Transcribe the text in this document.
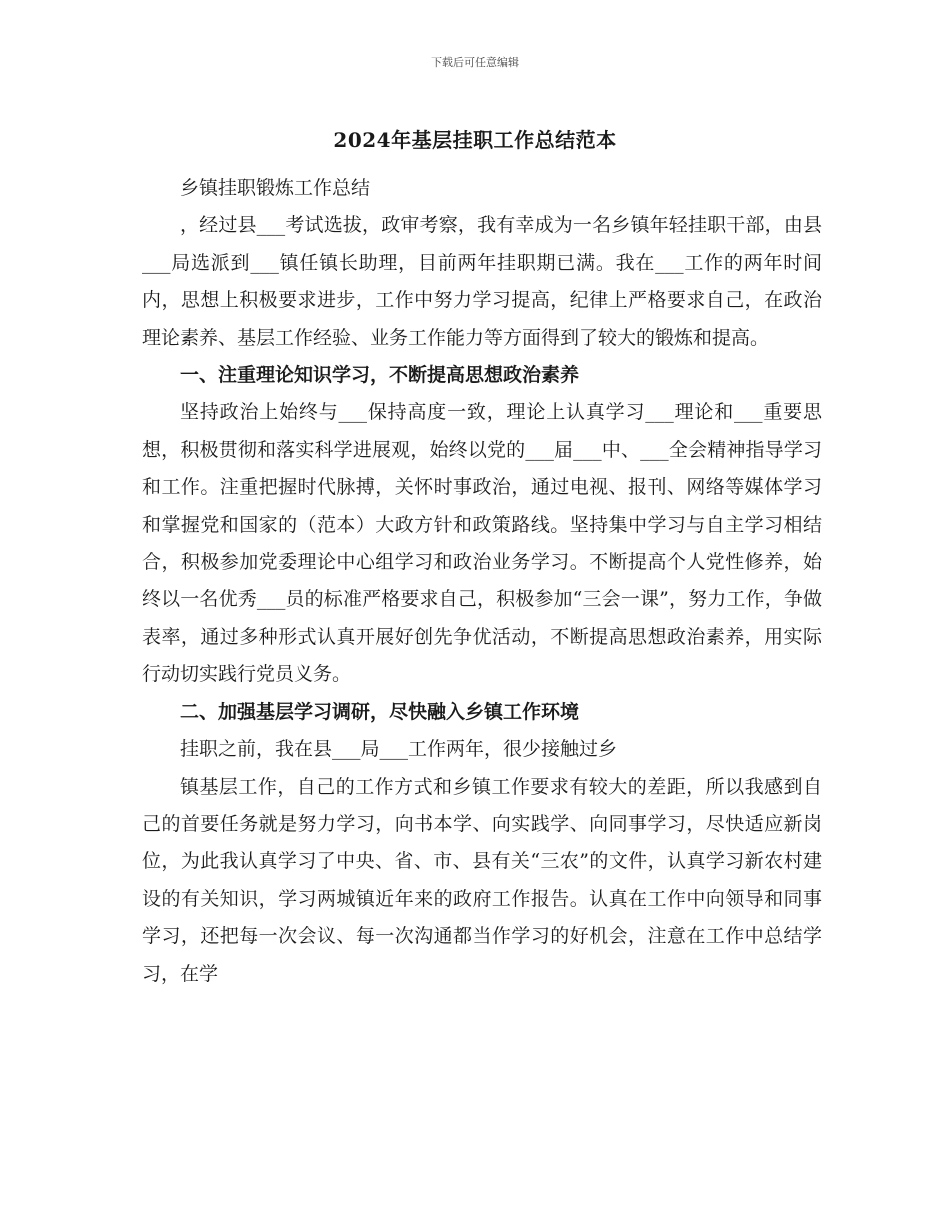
下载后可任意编辑
2024年基层挂职工作总结范本

乡镇挂职锻炼工作总结

，经过县___考试选拔，政审考察，我有幸成为一名乡镇年轻挂职干部，由县___局选派到___镇任镇长助理，目前两年挂职期已满。我在___工作的两年时间内，思想上积极要求进步，工作中努力学习提高，纪律上严格要求自己，在政治理论素养、基层工作经验、业务工作能力等方面得到了较大的锻炼和提高。

一、注重理论知识学习，不断提高思想政治素养

坚持政治上始终与___保持高度一致，理论上认真学习___理论和___重要思想，积极贯彻和落实科学进展观，始终以党的___届___中、___全会精神指导学习和工作。注重把握时代脉搏，关怀时事政治，通过电视、报刊、网络等媒体学习和掌握党和国家的（范本）大政方针和政策路线。坚持集中学习与自主学习相结合，积极参加党委理论中心组学习和政治业务学习。不断提高个人党性修养，始终以一名优秀___员的标准严格要求自己，积极参加“三会一课”，努力工作，争做表率，通过多种形式认真开展好创先争优活动，不断提高思想政治素养，用实际行动切实践行党员义务。

二、加强基层学习调研，尽快融入乡镇工作环境

挂职之前，我在县___局___工作两年，很少接触过乡

镇基层工作，自己的工作方式和乡镇工作要求有较大的差距，所以我感到自己的首要任务就是努力学习，向书本学、向实践学、向同事学习，尽快适应新岗位，为此我认真学习了中央、省、市、县有关“三农”的文件，认真学习新农村建设的有关知识，学习两城镇近年来的政府工作报告。认真在工作中向领导和同事学习，还把每一次会议、每一次沟通都当作学习的好机会，注意在工作中总结学习，在学
